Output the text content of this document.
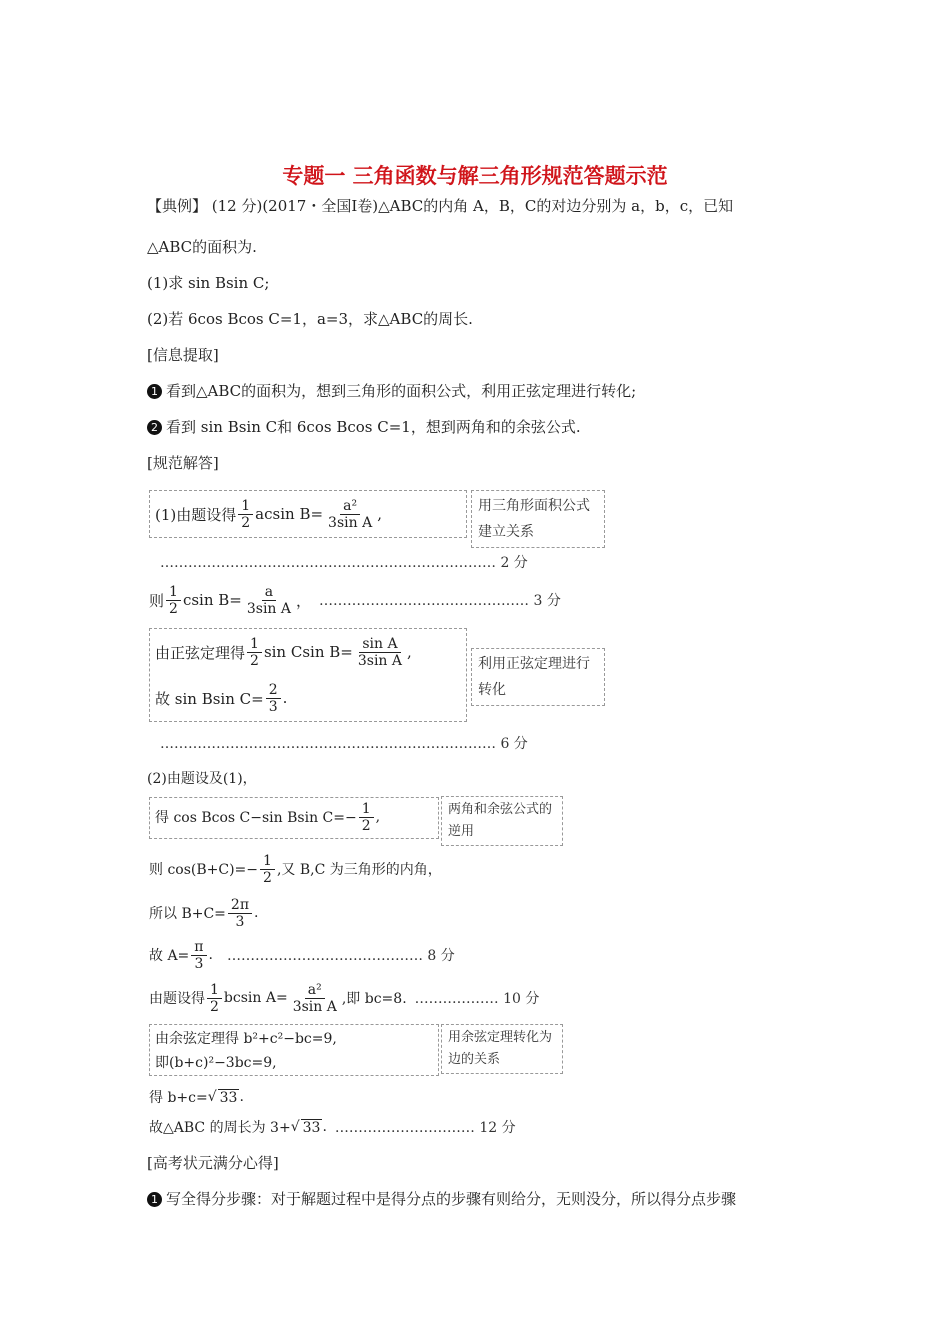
专题一 三角函数与解三角形规范答题示范
【典例】 (12 分)(2017・全国Ⅰ卷)△ABC的内角 A，B，C的对边分别为 a，b，c，已知
△ABC的面积为.
(1)求 sin Bsin C;
(2)若 6cos Bcos C=1，a=3，求△ABC的周长.
[信息提取]
1 看到△ABC的面积为，想到三角形的面积公式，利用正弦定理进行转化;
2 看到 sin Bsin C和 6cos Bcos C=1，想到两角和的余弦公式.
[规范解答]
(1)由题设得 $\frac{1}{2}$ acsin $B= \frac{\text{a²}}{\text{3sin A}}$ ,	用三角形面积公式建立关系
……………………………………………………………… 2 分
则 $\frac{1}{2}$ csin $B= \frac{a}{\text{3sin A}}$ ， ……………………………………… 3 分
由正弦定理得 $\frac{1}{2}$ sin Csin $B= \frac{\text{sin A}}{\text{3sin A}}$ ,
故 sin Bsin $C= \frac{2}{3}$ .
利用正弦定理进行转化
……………………………………………………………… 6 分
(2)由题设及(1)，
得 cos Bcos C−sin Bsin $C=- \frac{1}{2}$ ,	两角和余弦公式的逆用
则 $\cos(B+C)=- \frac{1}{2}$ ,又 B,C 为三角形的内角，
所以 $B+C= \frac{2\pi}{3}$ .
故 $A= \frac{\pi}{3}$ . …………………………………… 8 分
由题设得 $\frac{1}{2}$ bcsin $A= \frac{\text{a²}}{\text{3sin A}}$ ,即 bc=8. ……………… 10 分
由余弦定理得 b²+c²−bc=9,
即(b+c)²−3bc=9,
用余弦定理转化为边的关系
得 b+c= √ 33 .
故△ABC 的周长为 3+ √ 33 . ………………………… 12 分
[高考状元满分心得]
1 写全得分步骤：对于解题过程中是得分点的步骤有则给分，无则没分，所以得分点步骤
